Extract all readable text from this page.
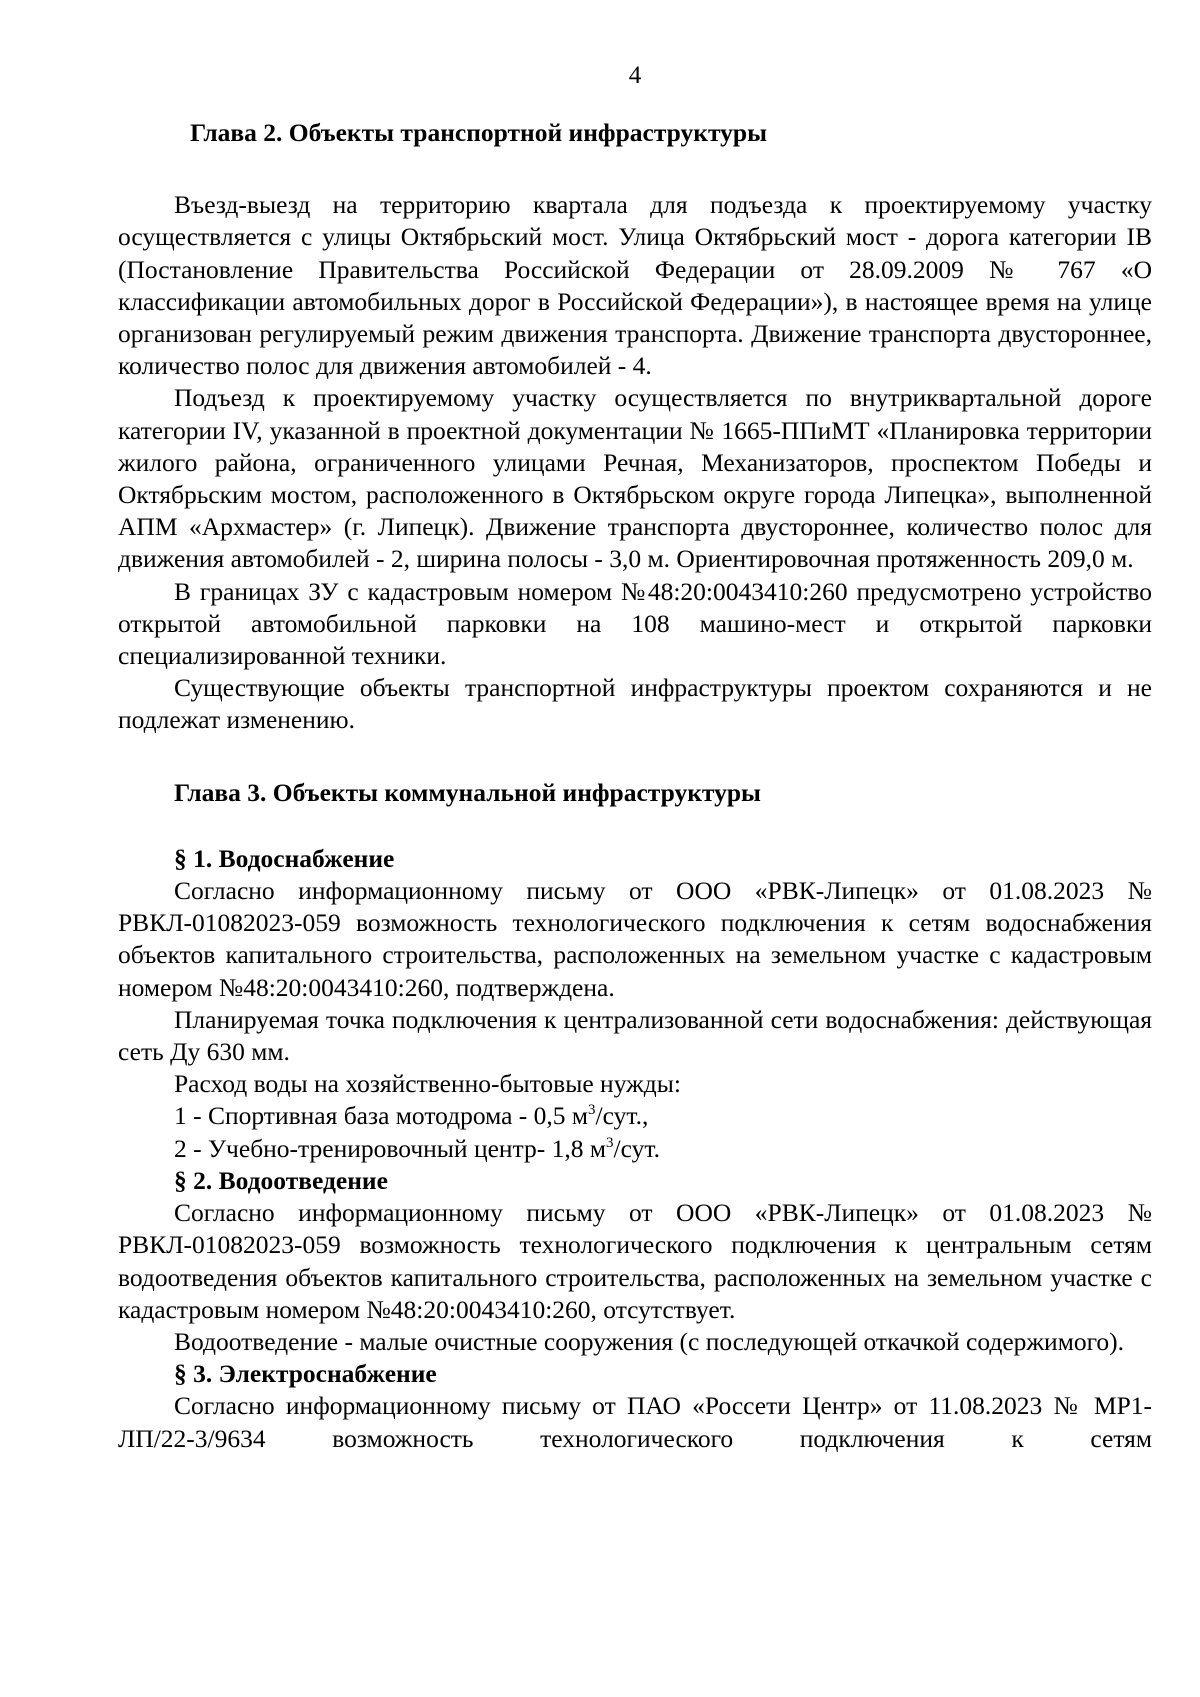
4
Глава 2. Объекты транспортной инфраструктуры

Въезд-выезд на территорию квартала для подъезда к проектируемому участку осуществляется с улицы Октябрьский мост. Улица Октябрьский мост - дорога категории IВ (Постановление Правительства Российской Федерации от 28.09.2009 № 767 «О классификации автомобильных дорог в Российской Федерации»), в настоящее время на улице организован регулируемый режим движения транспорта. Движение транспорта двустороннее, количество полос для движения автомобилей - 4.

Подъезд к проектируемому участку осуществляется по внутриквартальной дороге категории IV, указанной в проектной документации № 1665-ППиМТ «Планировка территории жилого района, ограниченного улицами Речная, Механизаторов, проспектом Победы и Октябрьским мостом, расположенного в Октябрьском округе города Липецка», выполненной АПМ «Архмастер» (г. Липецк). Движение транспорта двустороннее, количество полос для движения автомобилей - 2, ширина полосы - 3,0 м. Ориентировочная протяженность 209,0 м.

В границах ЗУ с кадастровым номером №48:20:0043410:260 предусмотрено устройство открытой автомобильной парковки на 108 машино-мест и открытой парковки специализированной техники.

Существующие объекты транспортной инфраструктуры проектом сохраняются и не подлежат изменению.

Глава 3. Объекты коммунальной инфраструктуры
§ 1. Водоснабжение

Согласно информационному письму от ООО «РВК-Липецк» от 01.08.2023 № РВКЛ-01082023-059 возможность технологического подключения к сетям водоснабжения объектов капитального строительства, расположенных на земельном участке с кадастровым номером №48:20:0043410:260, подтверждена.

Планируемая точка подключения к централизованной сети водоснабжения: действующая сеть Ду 630 мм.

Расход воды на хозяйственно-бытовые нужды:
1 - Спортивная база мотодрома - 0,5 $м^3$/сут.,
2 - Учебно-тренировочный центр- 1,8 $м^3$/сут.
§ 2. Водоотведение

Согласно информационному письму от ООО «РВК-Липецк» от 01.08.2023 № РВКЛ-01082023-059 возможность технологического подключения к центральным сетям водоотведения объектов капитального строительства, расположенных на земельном участке с кадастровым номером №48:20:0043410:260, отсутствует.

Водоотведение - малые очистные сооружения (с последующей откачкой содержимого).

§ 3. Электроснабжение

Согласно информационному письму от ПАО «Россети Центр» от 11.08.2023 № МР1-ЛП/22-3/9634 возможность технологического подключения к сетям
